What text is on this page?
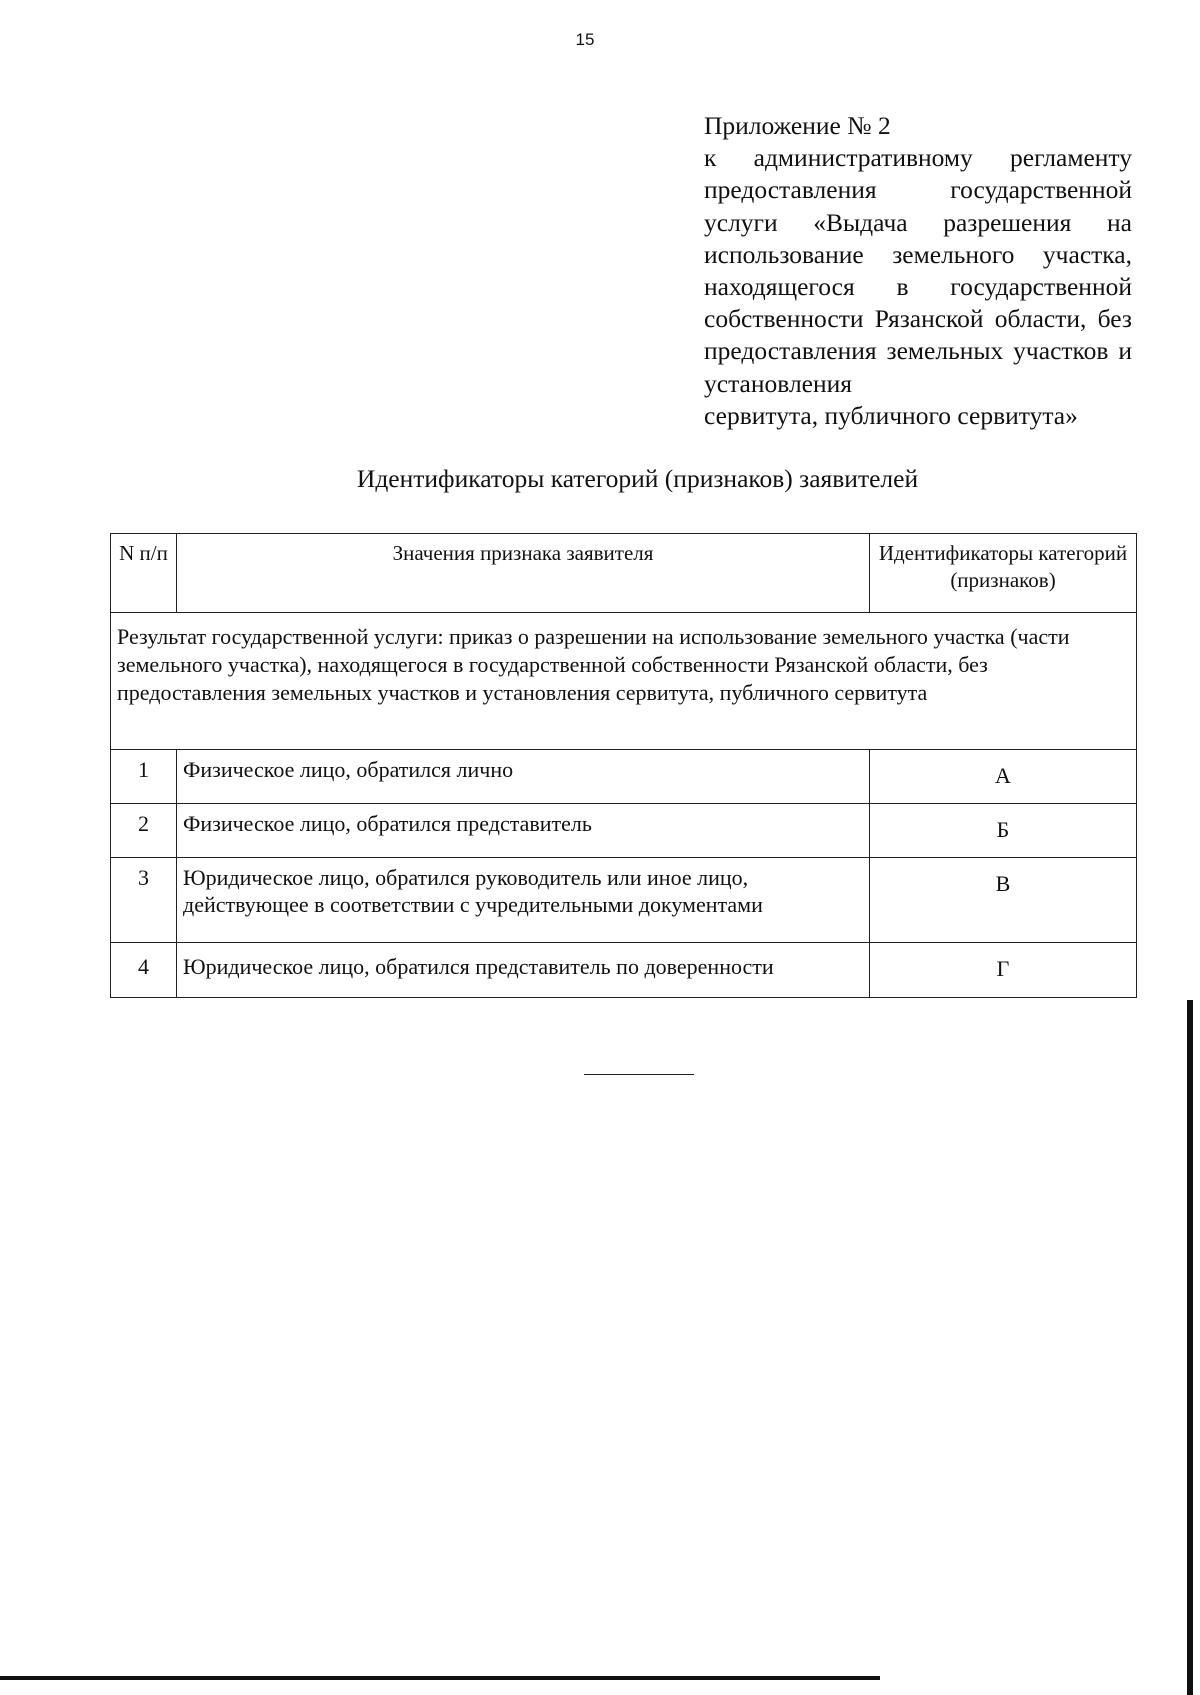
15
Приложение № 2
к административному регламенту предоставления государственной услуги «Выдача разрешения на использование земельного участка, находящегося в государственной собственности Рязанской области, без предоставления земельных участков и установления
сервитута, публичного сервитута»
Идентификаторы категорий (признаков) заявителей
N п/п	Значения признака заявителя	Идентификаторы категорий (признаков)
Результат государственной услуги: приказ о разрешении на использование земельного участка (части земельного участка), находящегося в государственной собственности Рязанской области, без предоставления земельных участков и установления сервитута, публичного сервитута		
1	Физическое лицо, обратился лично	А
2	Физическое лицо, обратился представитель	Б
3	Юридическое лицо, обратился руководитель или иное лицо, действующее в соответствии с учредительными документами	В
4	Юридическое лицо, обратился представитель по доверенности	Г
